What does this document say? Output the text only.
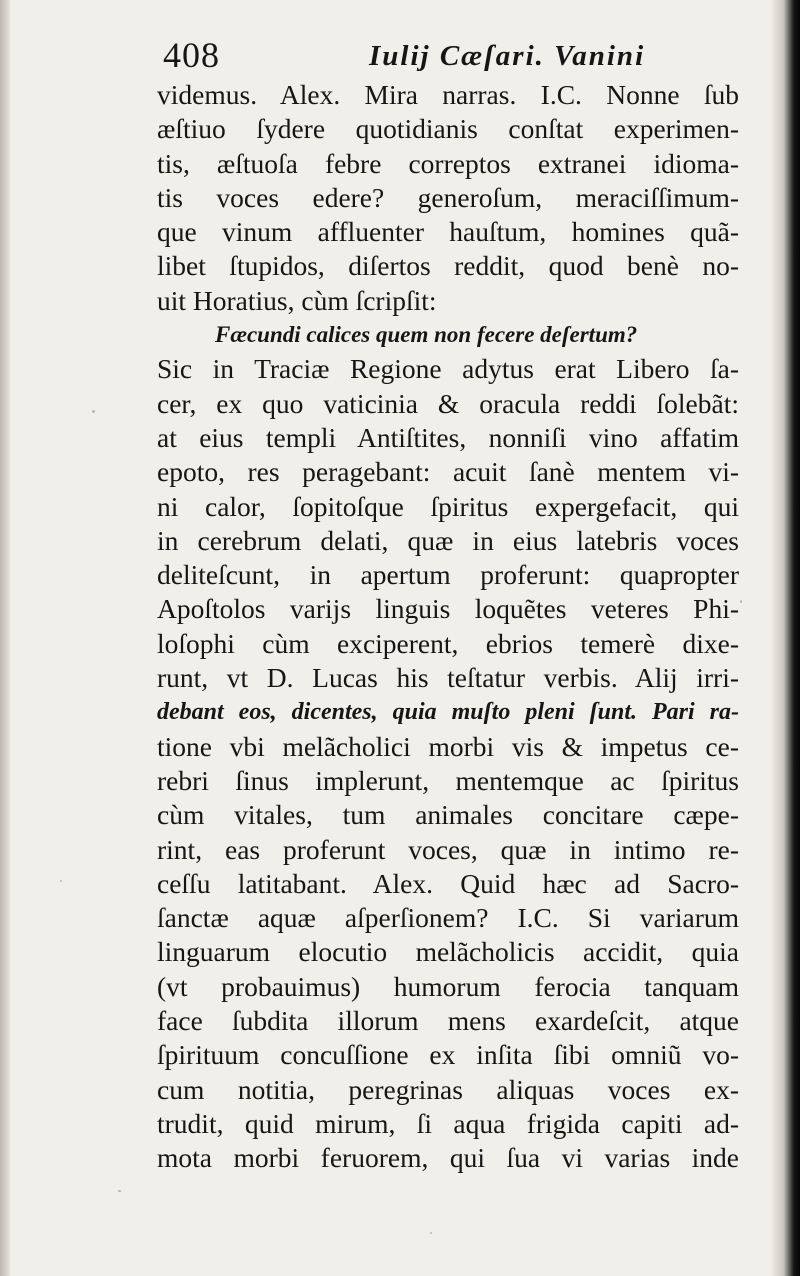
408	Iulij Cæſari. Vanini
videmus. Alex. Mira narras. I.C. Nonne ſub
æſtiuo ſydere quotidianis conſtat experimen-
tis, æſtuoſa febre correptos extranei idioma-
tis voces edere? generoſum, meraciſſimum-
que vinum affluenter hauſtum, homines quã-
libet ſtupidos, diſertos reddit, quod benè no-
uit Horatius, cùm ſcripſit:
Fæcundi calices quem non fecere deſertum?
Sic in Traciæ Regione adytus erat Libero ſa-
cer, ex quo vaticinia & oracula reddi ſolebãt:
at eius templi Antiſtites, nonniſi vino affatim
epoto, res peragebant: acuit ſanè mentem vi-
ni calor, ſopitoſque ſpiritus expergefacit, qui
in cerebrum delati, quæ in eius latebris voces
deliteſcunt, in apertum proferunt: quapropter
Apoſtolos varijs linguis loquẽtes veteres Phi-
loſophi cùm exciperent, ebrios temerè dixe-
runt, vt D. Lucas his teſtatur verbis. Alij irri-
debant eos, dicentes, quia muſto pleni ſunt. Pari ra-
tione vbi melãcholici morbi vis & impetus ce-
rebri ſinus implerunt, mentemque ac ſpiritus
cùm vitales, tum animales concitare cæpe-
rint, eas proferunt voces, quæ in intimo re-
ceſſu latitabant. Alex. Quid hæc ad Sacro-
ſanctæ aquæ aſperſionem? I.C. Si variarum
linguarum elocutio melãcholicis accidit, quia
(vt probauimus) humorum ferocia tanquam
face ſubdita illorum mens exardeſcit, atque
ſpirituum concuſſione ex inſita ſibi omniũ vo-
cum notitia, peregrinas aliquas voces ex-
trudit, quid mirum, ſi aqua frigida capiti ad-
mota morbi feruorem, qui ſua vi varias inde
